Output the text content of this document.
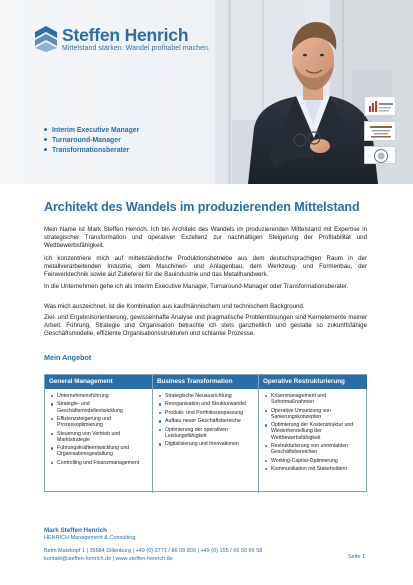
Steffen Henrich
Mittelstand stärken. Wandel profitabel machen.
Interim Executive Manager
Turnaround-Manager
Transformationsberater
Architekt des Wandels im produzierenden Mittelstand

Mein Name ist Mark Steffen Henrich. Ich bin Architekt des Wandels im produzierenden Mittelstand mit Expertise in strategischer Transformation und operativer Exzellenz zur nachhaltigen Steigerung der Profitabilität und Wettbewerbsfähigkeit.

Ich konzentriere mich auf mittelständische Produktionsbetriebe aus dem deutschsprachigen Raum in der metallverarbeitenden Industrie, dem Maschinen- und Anlagenbau, dem Werkzeug- und Formenbau, der Feinwerktechnik sowie auf Zulieferer für die Bauindustrie und das Metallhandwerk.

In die Unternehmen gehe ich als Interim Executive Manager, Turnaround-Manager oder Transformationsberater.

Was mich auszeichnet, ist die Kombination aus kaufmännischem und technischem Background.

Ziel- und Ergebnisorientierung, gewissenhafte Analyse und pragmatische Problemlösungen sind Kernelemente meiner Arbeit. Führung, Strategie und Organisation betrachte ich stets ganzheitlich und gestalte so zukunftsfähige Geschäftsmodelle, effiziente Organisationsstrukturen und schlanke Prozesse.

Mein Angebot
General Management
Unternehmensführung
Strategie- und Geschäftsmodellentwicklung
Effizienzsteigerung und Prozessoptimierung
Steuerung von Vertrieb und Marktstrategie
Führungskräfteentwicklung und Organisationsgestaltung
Controlling und Finanzmanagement
Business Transformation
Strategische Neuausrichtung
Reorganisation und Strukturwandel
Produkt- und Portfoliosanpassung
Aufbau neuer Geschäftsbereiche
Optimierung der operativen Leistungsfähigkeit
Digitalisierung und Innovationen
Operative Restrukturierung
Krisenmanagement und Sofortmaßnahmen
Operative Umsetzung von Sanierungskonzepten
Optimierung der Kostenstruktur und Wiederherstellung der Wettbewerbsfähigkeit
Restrukturierung von unrentablen Geschäftsbereichen
Working-Capital-Optimierung
Kommunikation mit Stakeholdern
Mark Steffen Henrich
HENRICH Management & Consulting
Beim Matzkopf 1 | 35684 Dillenburg | +49 (0) 2771 / 86 09 809 | +49 (0) 155 / 66 50 66 58
kontakt@steffen-henrich.de | www.steffen-henrich.de	Seite 1
